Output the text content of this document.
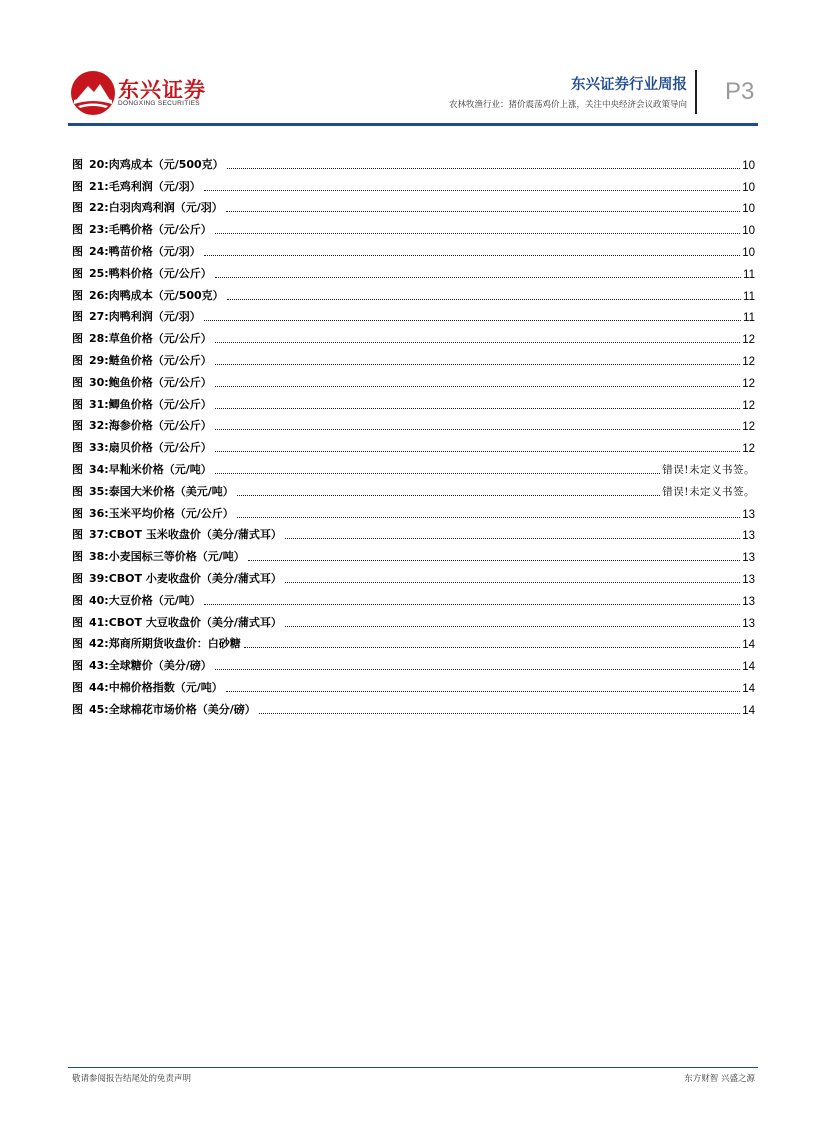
东兴证券
DONGXING SECURITIES
东兴证券行业周报
农林牧渔行业：猪价震荡鸡价上涨，关注中央经济会议政策导向 P3
图 20:肉鸡成本（元/500克）	10
图 21:毛鸡利润（元/羽）	10
图 22:白羽肉鸡利润（元/羽）	10
图 23:毛鸭价格（元/公斤）	10
图 24:鸭苗价格（元/羽）	10
图 25:鸭料价格（元/公斤）	11
图 26:肉鸭成本（元/500克）	11
图 27:肉鸭利润（元/羽）	11
图 28:草鱼价格（元/公斤）	12
图 29:鲢鱼价格（元/公斤）	12
图 30:鲍鱼价格（元/公斤）	12
图 31:鲫鱼价格（元/公斤）	12
图 32:海参价格（元/公斤）	12
图 33:扇贝价格（元/公斤）	12
图 34:早籼米价格（元/吨）	错误!未定义书签。
图 35:泰国大米价格（美元/吨）	错误!未定义书签。
图 36:玉米平均价格（元/公斤）	13
图 37:CBOT 玉米收盘价（美分/蒲式耳）	13
图 38:小麦国标三等价格（元/吨）	13
图 39:CBOT 小麦收盘价（美分/蒲式耳）	13
图 40:大豆价格（元/吨）	13
图 41:CBOT 大豆收盘价（美分/蒲式耳）	13
图 42:郑商所期货收盘价：白砂糖	14
图 43:全球糖价（美分/磅）	14
图 44:中棉价格指数（元/吨）	14
图 45:全球棉花市场价格（美分/磅）	14
敬请参阅报告结尾处的免责声明	东方财智 兴盛之源
